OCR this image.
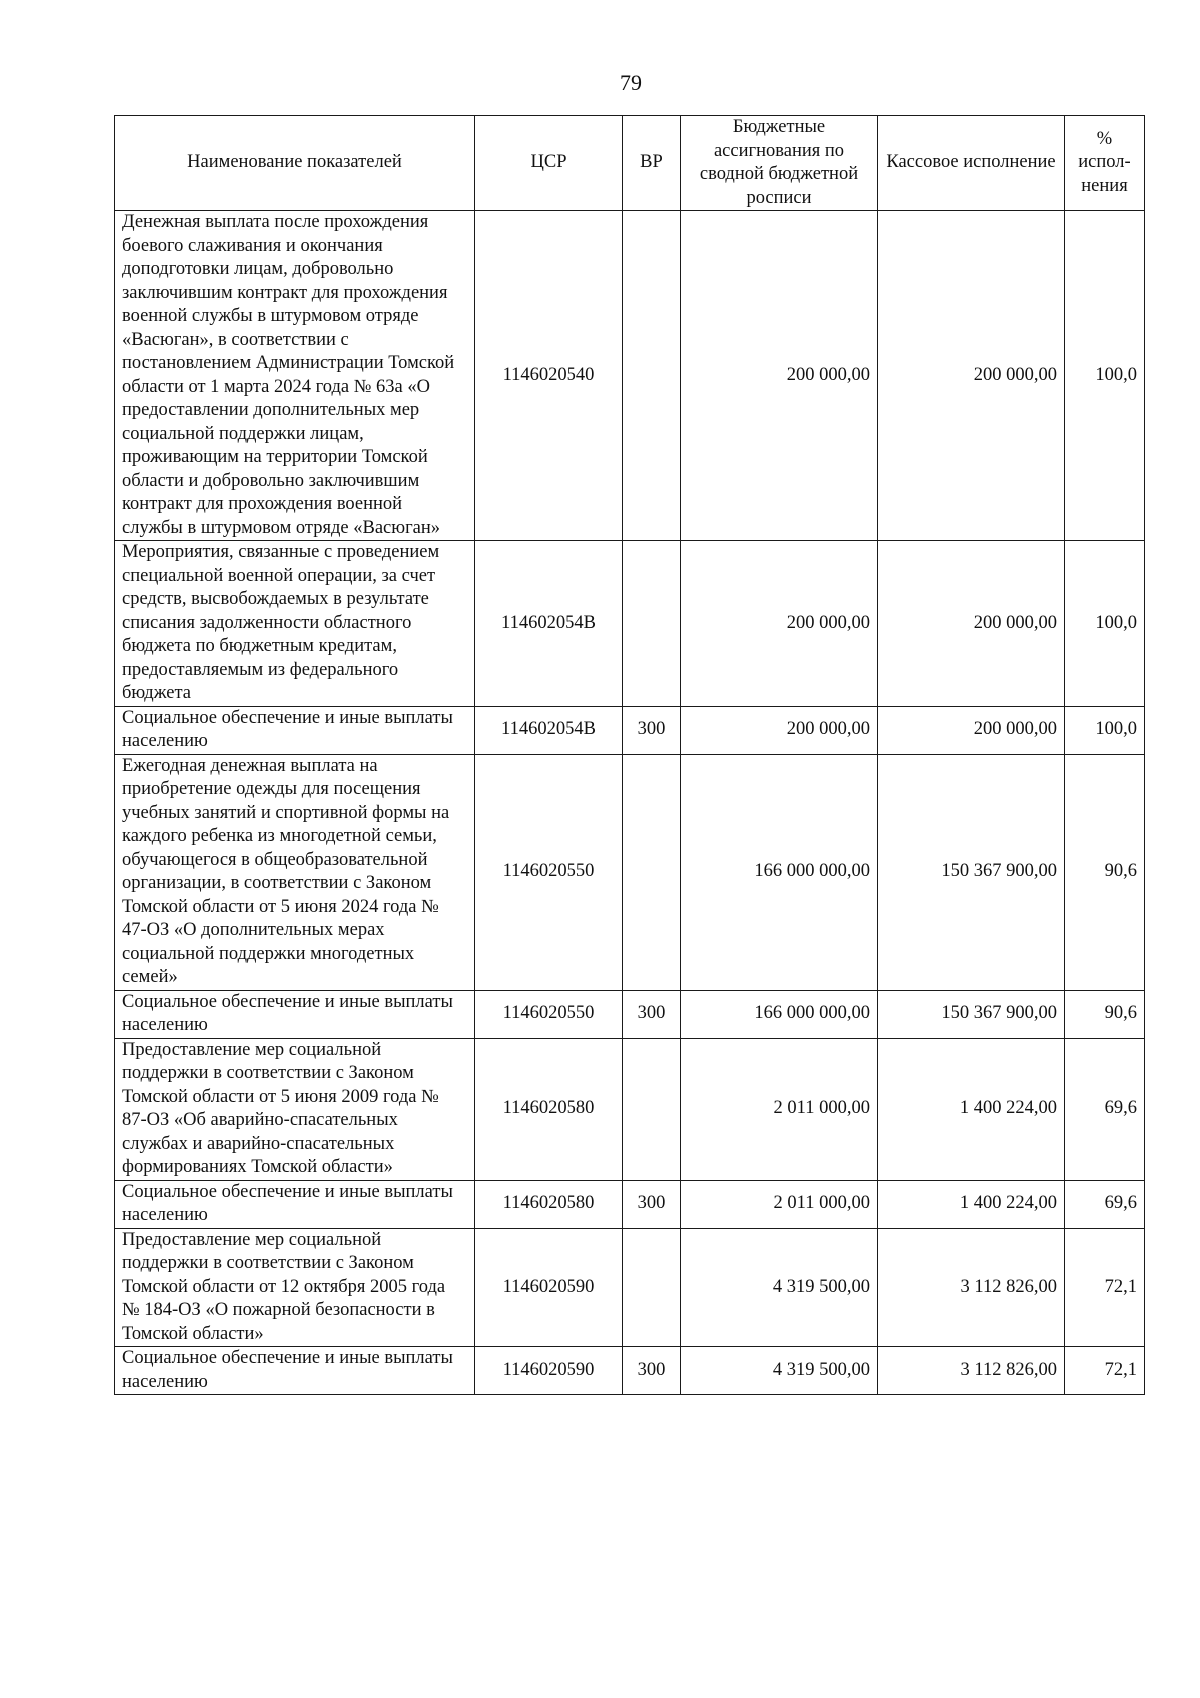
79
Наименование показателей	ЦСР	ВР	Бюджетные ассигнования по сводной бюджетной росписи	Кассовое исполнение	% испол-нения
Денежная выплата после прохождения боевого слаживания и окончания доподготовки лицам, добровольно заключившим контракт для прохождения военной службы в штурмовом отряде «Васюган», в соответствии с постановлением Администрации Томской области от 1 марта 2024 года № 63а «О предоставлении дополнительных мер социальной поддержки лицам, проживающим на территории Томской области и добровольно заключившим контракт для прохождения военной службы в штурмовом отряде «Васюган»	1146020540		200 000,00	200 000,00	100,0
Мероприятия, связанные с проведением специальной военной операции, за счет средств, высвобождаемых в результате списания задолженности областного бюджета по бюджетным кредитам, предоставляемым из федерального бюджета	114602054B		200 000,00	200 000,00	100,0
Социальное обеспечение и иные выплаты населению	114602054B	300	200 000,00	200 000,00	100,0
Ежегодная денежная выплата на приобретение одежды для посещения учебных занятий и спортивной формы на каждого ребенка из многодетной семьи, обучающегося в общеобразовательной организации, в соответствии с Законом Томской области от 5 июня 2024 года № 47-ОЗ «О дополнительных мерах социальной поддержки многодетных семей»	1146020550		166 000 000,00	150 367 900,00	90,6
Социальное обеспечение и иные выплаты населению	1146020550	300	166 000 000,00	150 367 900,00	90,6
Предоставление мер социальной поддержки в соответствии с Законом Томской области от 5 июня 2009 года № 87-ОЗ «Об аварийно-спасательных службах и аварийно-спасательных формированиях Томской области»	1146020580		2 011 000,00	1 400 224,00	69,6
Социальное обеспечение и иные выплаты населению	1146020580	300	2 011 000,00	1 400 224,00	69,6
Предоставление мер социальной поддержки в соответствии с Законом Томской области от 12 октября 2005 года № 184-ОЗ «О пожарной безопасности в Томской области»	1146020590		4 319 500,00	3 112 826,00	72,1
Социальное обеспечение и иные выплаты населению	1146020590	300	4 319 500,00	3 112 826,00	72,1
